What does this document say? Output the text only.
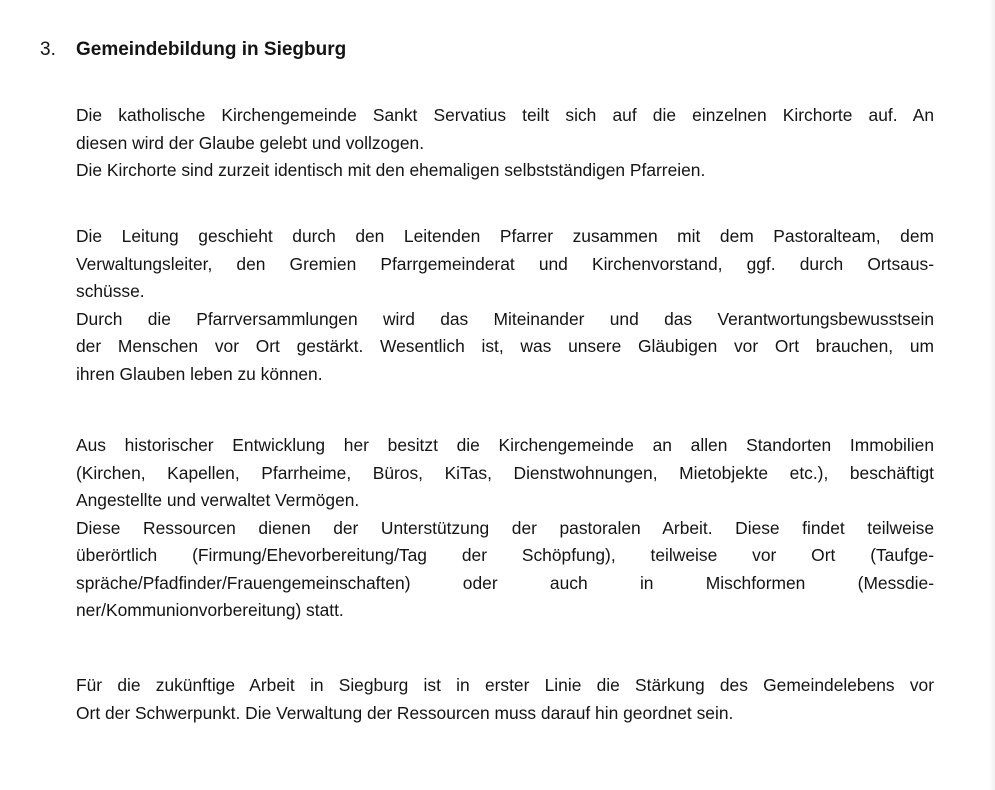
3. Gemeindebildung in Siegburg
Die katholische Kirchengemeinde Sankt Servatius teilt sich auf die einzelnen Kirchorte auf. An
diesen wird der Glaube gelebt und vollzogen.
Die Kirchorte sind zurzeit identisch mit den ehemaligen selbstständigen Pfarreien.
Die Leitung geschieht durch den Leitenden Pfarrer zusammen mit dem Pastoralteam, dem
Verwaltungsleiter, den Gremien Pfarrgemeinderat und Kirchenvorstand, ggf. durch Ortsaus-
schüsse.
Durch die Pfarrversammlungen wird das Miteinander und das Verantwortungsbewusstsein
der Menschen vor Ort gestärkt. Wesentlich ist, was unsere Gläubigen vor Ort brauchen, um
ihren Glauben leben zu können.
Aus historischer Entwicklung her besitzt die Kirchengemeinde an allen Standorten Immobilien
(Kirchen, Kapellen, Pfarrheime, Büros, KiTas, Dienstwohnungen, Mietobjekte etc.), beschäftigt
Angestellte und verwaltet Vermögen.
Diese Ressourcen dienen der Unterstützung der pastoralen Arbeit. Diese findet teilweise
überörtlich (Firmung/Ehevorbereitung/Tag der Schöpfung), teilweise vor Ort (Taufge-
spräche/Pfadfinder/Frauengemeinschaften) oder auch in Mischformen (Messdie-
ner/Kommunionvorbereitung) statt.
Für die zukünftige Arbeit in Siegburg ist in erster Linie die Stärkung des Gemeindelebens vor
Ort der Schwerpunkt. Die Verwaltung der Ressourcen muss darauf hin geordnet sein.
